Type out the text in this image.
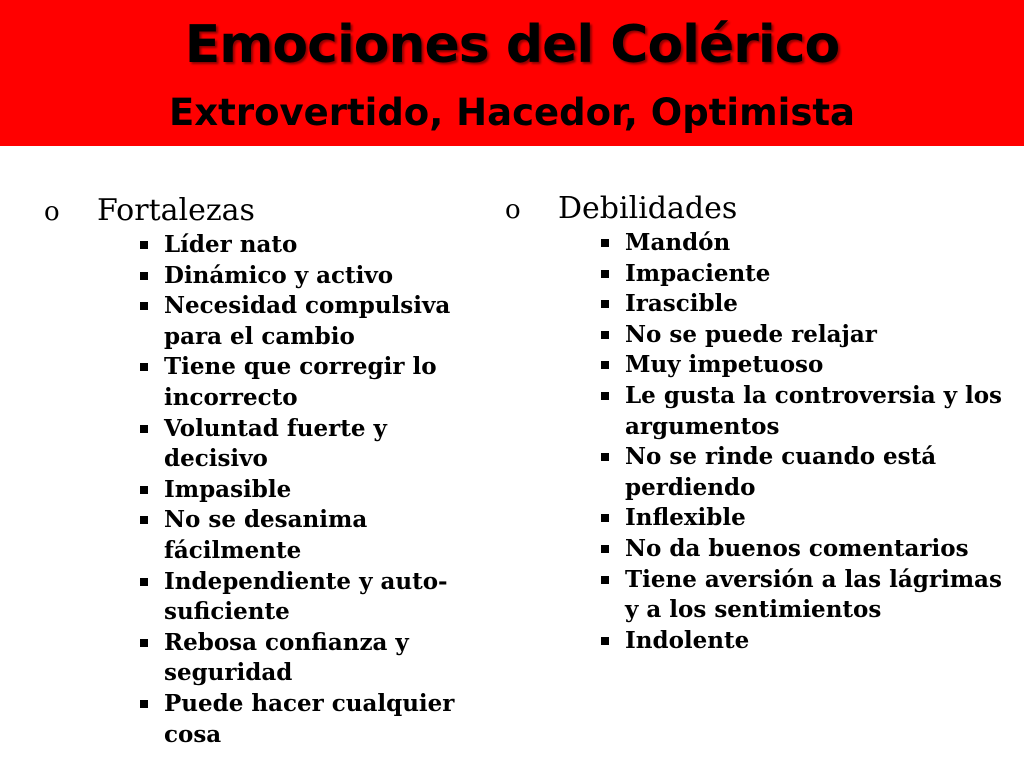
Emociones del Colérico
Extrovertido, Hacedor, Optimista
o Fortalezas
Líder nato
Dinámico y activo
Necesidad compulsiva para el cambio
Tiene que corregir lo incorrecto
Voluntad fuerte y decisivo
Impasible
No se desanima fácilmente
Independiente y auto-suficiente
Rebosa confianza y seguridad
Puede hacer cualquier cosa
o Debilidades
Mandón
Impaciente
Irascible
No se puede relajar
Muy impetuoso
Le gusta la controversia y los argumentos
No se rinde cuando está perdiendo
Inflexible
No da buenos comentarios
Tiene aversión a las lágrimas y a los sentimientos
Indolente
